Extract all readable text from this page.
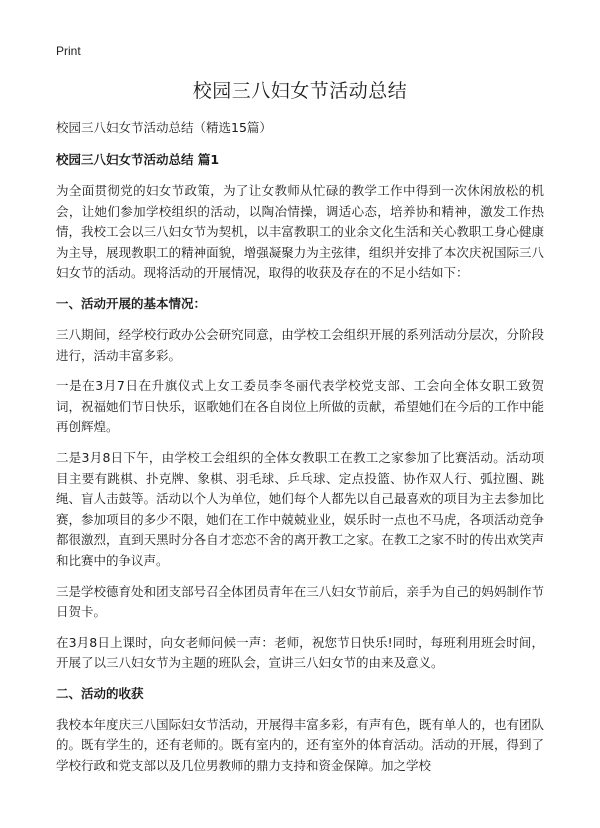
Print
校园三八妇女节活动总结
校园三八妇女节活动总结（精选15篇）
校园三八妇女节活动总结 篇1

为全面贯彻党的妇女节政策，为了让女教师从忙碌的教学工作中得到一次休闲放松的机会，让她们参加学校组织的活动，以陶冶情操，调适心态，培养协和精神，激发工作热情，我校工会以三八妇女节为契机，以丰富教职工的业余文化生活和关心教职工身心健康为主导，展现教职工的精神面貌，增强凝聚力为主弦律，组织并安排了本次庆祝国际三八妇女节的活动。现将活动的开展情况，取得的收获及存在的不足小结如下：

一、活动开展的基本情况：

三八期间，经学校行政办公会研究同意，由学校工会组织开展的系列活动分层次，分阶段进行，活动丰富多彩。

一是在3月7日在升旗仪式上女工委员李冬丽代表学校党支部、工会向全体女职工致贺词，祝福她们节日快乐，讴歌她们在各自岗位上所做的贡献，希望她们在今后的工作中能再创辉煌。

二是3月8日下午，由学校工会组织的全体女教职工在教工之家参加了比赛活动。活动项目主要有跳棋、扑克牌、象棋、羽毛球、乒乓球、定点投篮、协作双人行、弧拉圈、跳绳、盲人击鼓等。活动以个人为单位，她们每个人都先以自己最喜欢的项目为主去参加比赛，参加项目的多少不限，她们在工作中兢兢业业，娱乐时一点也不马虎，各项活动竞争都很激烈，直到天黑时分各自才恋恋不舍的离开教工之家。在教工之家不时的传出欢笑声和比赛中的争议声。

三是学校德育处和团支部号召全体团员青年在三八妇女节前后，亲手为自己的妈妈制作节日贺卡。

在3月8日上课时，向女老师问候一声：老师，祝您节日快乐!同时，每班利用班会时间，开展了以三八妇女节为主题的班队会，宣讲三八妇女节的由来及意义。

二、活动的收获

我校本年度庆三八国际妇女节活动，开展得丰富多彩，有声有色，既有单人的，也有团队的。既有学生的，还有老师的。既有室内的，还有室外的体育活动。活动的开展，得到了学校行政和党支部以及几位男教师的鼎力支持和资金保障。加之学校
